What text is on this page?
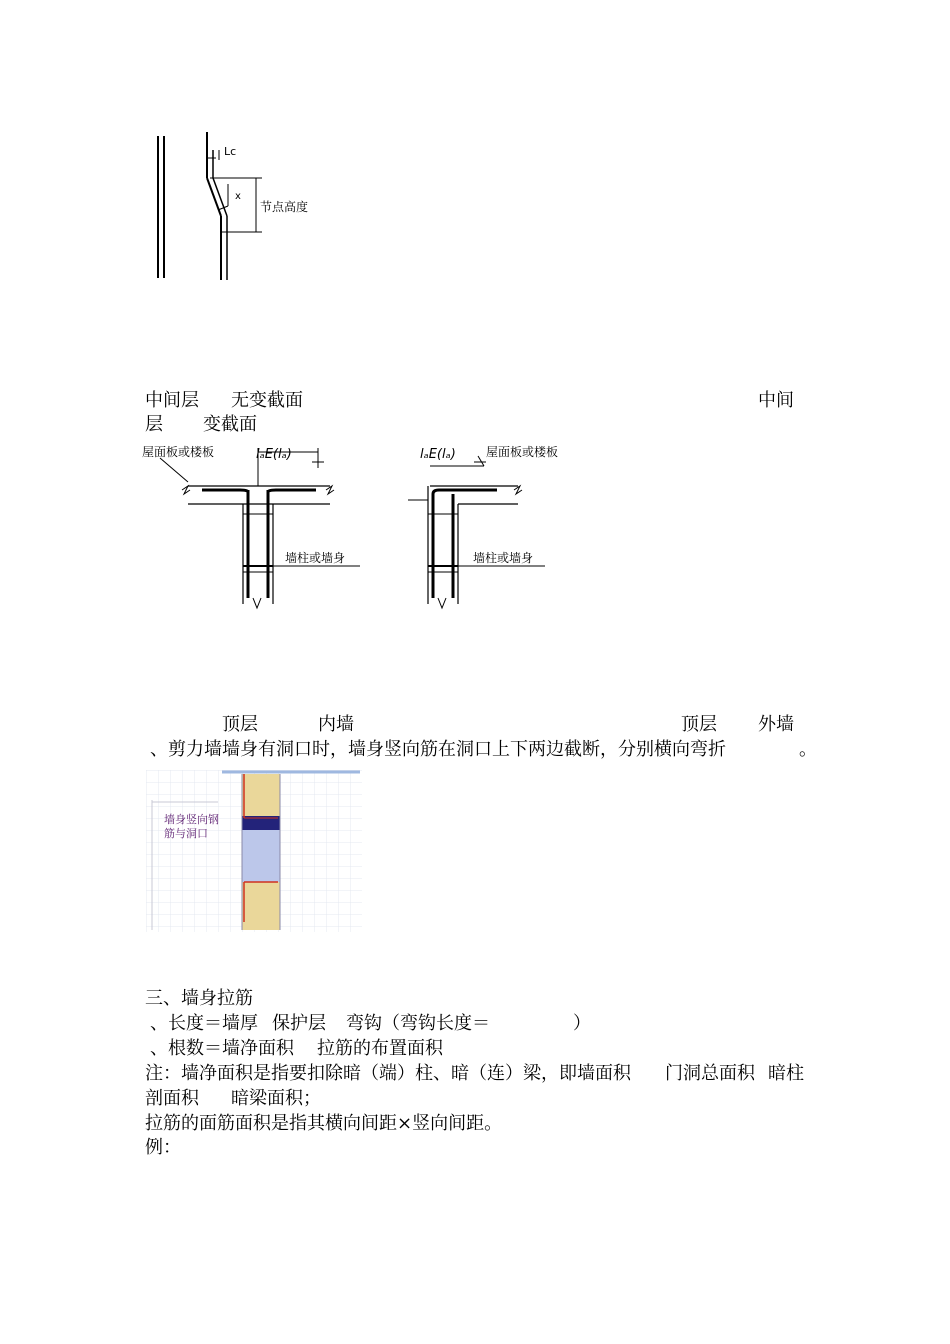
Lc
x
节点高度
中间层 无变截面	中间
层 变截面
屋面板或楼板	lₐE(lₐ)
墙柱或墙身
lₐE(lₐ)	屋面板或楼板
墙柱或墙身
顶层	内墙	顶层 外墙
、剪力墙墙身有洞口时，墙身竖向筋在洞口上下两边截断，分别横向弯折	。
墙身竖向钢
筋与洞口
三、墙身拉筋
、长度＝墙厚 保护层 弯钩（弯钩长度＝	）
、根数＝墙净面积 拉筋的布置面积
注：墙净面积是指要扣除暗（端）柱、暗（连）梁，即墙面积 门洞总面积 暗柱
剖面积 暗梁面积；
拉筋的面筋面积是指其横向间距×竖向间距。
例：
